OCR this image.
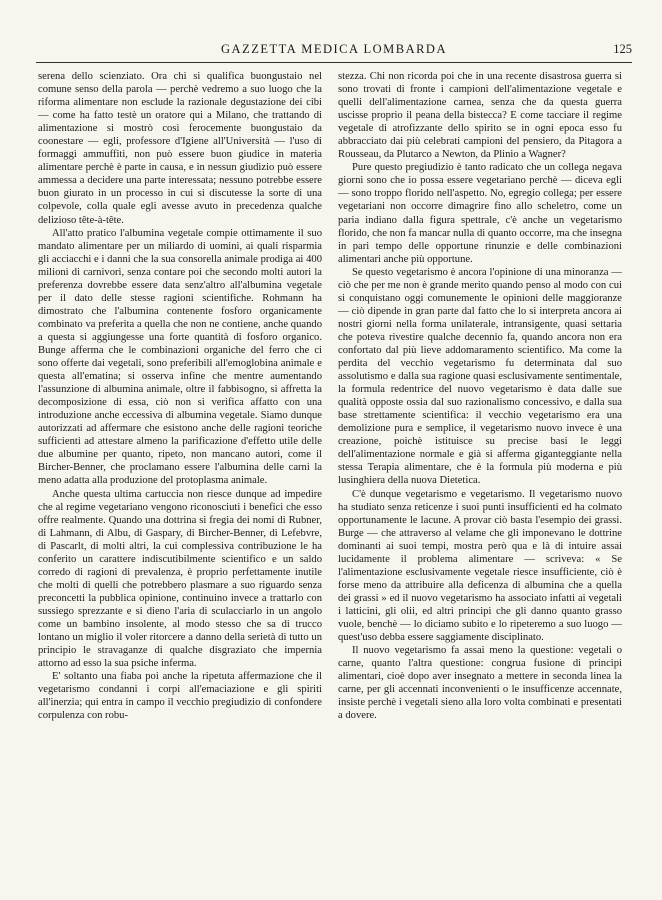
GAZZETTA MEDICA LOMBARDA	125

serena dello scienziato. Ora chi si qualifica buongustaio nel comune senso della parola — perchè vedremo a suo luogo che la riforma alimentare non esclude la razionale degustazione dei cibi — come ha fatto testè un oratore qui a Milano, che trattando di alimentazione si mostrò così ferocemente buongustaio da coonestare — egli, professore d'Igiene all'Università — l'uso di formaggi ammuffiti, non può essere buon giudice in materia alimentare perchè è parte in causa, e in nessun giudizio può essere ammessa a decidere una parte interessata; nessuno potrebbe essere buon giurato in un processo in cui si discutesse la sorte di una colpevole, colla quale egli avesse avuto in precedenza qualche delizioso tête-à-tête.

All'atto pratico l'albumina vegetale compie ottimamente il suo mandato alimentare per un miliardo di uomini, ai quali risparmia gli acciacchi e i danni che la sua consorella animale prodiga ai 400 milioni di carnivori, senza contare poi che secondo molti autori la preferenza dovrebbe essere data senz'altro all'albumina vegetale per il dato delle stesse ragioni scientifiche. Rohmann ha dimostrato che l'albumina contenente fosforo organicamente combinato va preferita a quella che non ne contiene, anche quando a questa si aggiungesse una forte quantità di fosforo organico. Bunge afferma che le combinazioni organiche del ferro che ci sono offerte dai vegetali, sono preferibili all'emoglobina animale e questa all'ematina; si osserva infine che mentre aumentando l'assunzione di albumina animale, oltre il fabbisogno, si affretta la decomposizione di essa, ciò non si verifica affatto con una introduzione anche eccessiva di albumina vegetale. Siamo dunque autorizzati ad affermare che esistono anche delle ragioni teoriche sufficienti ad attestare almeno la parificazione d'effetto utile delle due albumine per quanto, ripeto, non mancano autori, come il Bircher-Benner, che proclamano essere l'albumina delle carni la meno adatta alla produzione del protoplasma animale.

Anche questa ultima cartuccia non riesce dunque ad impedire che al regime vegetariano vengono riconosciuti i benefici che esso offre realmente. Quando una dottrina si fregia dei nomi di Rubner, di Lahmann, di Albu, di Gaspary, di Bircher-Benner, di Lefebvre, di Pascarlt, di molti altri, la cui complessiva contribuzione le ha conferito un carattere indiscutibilmente scientifico e un saldo corredo di ragioni di prevalenza, è proprio perfettamente inutile che molti di quelli che potrebbero plasmare a suo riguardo senza preconcetti la pubblica opinione, continuino invece a trattarlo con sussiego sprezzante e si dieno l'aria di sculacciarlo in un angolo come un bambino insolente, al modo stesso che sa di trucco lontano un miglio il voler ritorcere a danno della serietà di tutto un principio le stravaganze di qualche disgraziato che impernia attorno ad esso la sua psiche inferma.

E' soltanto una fiaba poi anche la ripetuta affermazione che il vegetarismo condanni i corpi all'emaciazione e gli spiriti all'inerzia; qui entra in campo il vecchio pregiudizio di confondere corpulenza con robu-

stezza. Chi non ricorda poi che in una recente disastrosa guerra si sono trovati di fronte i campioni dell'alimentazione vegetale e quelli dell'alimentazione carnea, senza che da questa guerra uscisse proprio il peana della bistecca? E come tacciare il regime vegetale di atrofizzante dello spirito se in ogni epoca esso fu abbracciato dai più celebrati campioni del pensiero, da Pitagora a Rousseau, da Plutarco a Newton, da Plinio a Wagner?

Pure questo pregiudizio è tanto radicato che un collega negava giorni sono che io possa essere vegetariano perchè — diceva egli — sono troppo florido nell'aspetto. No, egregio collega; per essere vegetariani non occorre dimagrire fino allo scheletro, come un paria indiano dalla figura spettrale, c'è anche un vegetarismo florido, che non fa mancar nulla di quanto occorre, ma che insegna in pari tempo delle opportune rinunzie e delle combinazioni alimentari anche più opportune.

Se questo vegetarismo è ancora l'opinione di una minoranza — ciò che per me non è grande merito quando penso al modo con cui si conquistano oggi comunemente le opinioni delle maggioranze — ciò dipende in gran parte dal fatto che lo si interpreta ancora ai nostri giorni nella forma unilaterale, intransigente, quasi settaria che poteva rivestire qualche decennio fa, quando ancora non era confortato dal più lieve addomaramento scientifico. Ma come la perdita del vecchio vegetarismo fu determinata dal suo assolutismo e dalla sua ragione quasi esclusivamente sentimentale, la formula redentrice del nuovo vegetarismo è data dalle sue qualità opposte ossia dal suo razionalismo concessivo, e dalla sua base strettamente scientifica: il vecchio vegetarismo era una demolizione pura e semplice, il vegetarismo nuovo invece è una creazione, poichè istituisce su precise basi le leggi dell'alimentazione normale e già si afferma giganteggiante nella stessa Terapia alimentare, che è la formula più moderna e più lusinghiera della nuova Dietetica.

C'è dunque vegetarismo e vegetarismo. Il vegetarismo nuovo ha studiato senza reticenze i suoi punti insufficienti ed ha colmato opportunamente le lacune. A provar ciò basta l'esempio dei grassi. Burge — che attraverso al velame che gli imponevano le dottrine dominanti ai suoi tempi, mostra però qua e là di intuire assai lucidamente il problema alimentare — scriveva: « Se l'alimentazione esclusivamente vegetale riesce insufficiente, ciò è forse meno da attribuire alla deficenza di albumina che a quella dei grassi » ed il nuovo vegetarismo ha associato infatti ai vegetali i latticini, gli olii, ed altri principi che gli danno quanto grasso vuole, benchè — lo diciamo subito e lo ripeteremo a suo luogo — quest'uso debba essere saggiamente disciplinato.

Il nuovo vegetarismo fa assai meno la questione: vegetali o carne, quanto l'altra questione: congrua fusione di principi alimentari, cioè dopo aver insegnato a mettere in seconda linea la carne, per gli accennati inconvenienti o le insufficenze accennate, insiste perchè i vegetali sieno alla loro volta combinati e presentati a dovere.
